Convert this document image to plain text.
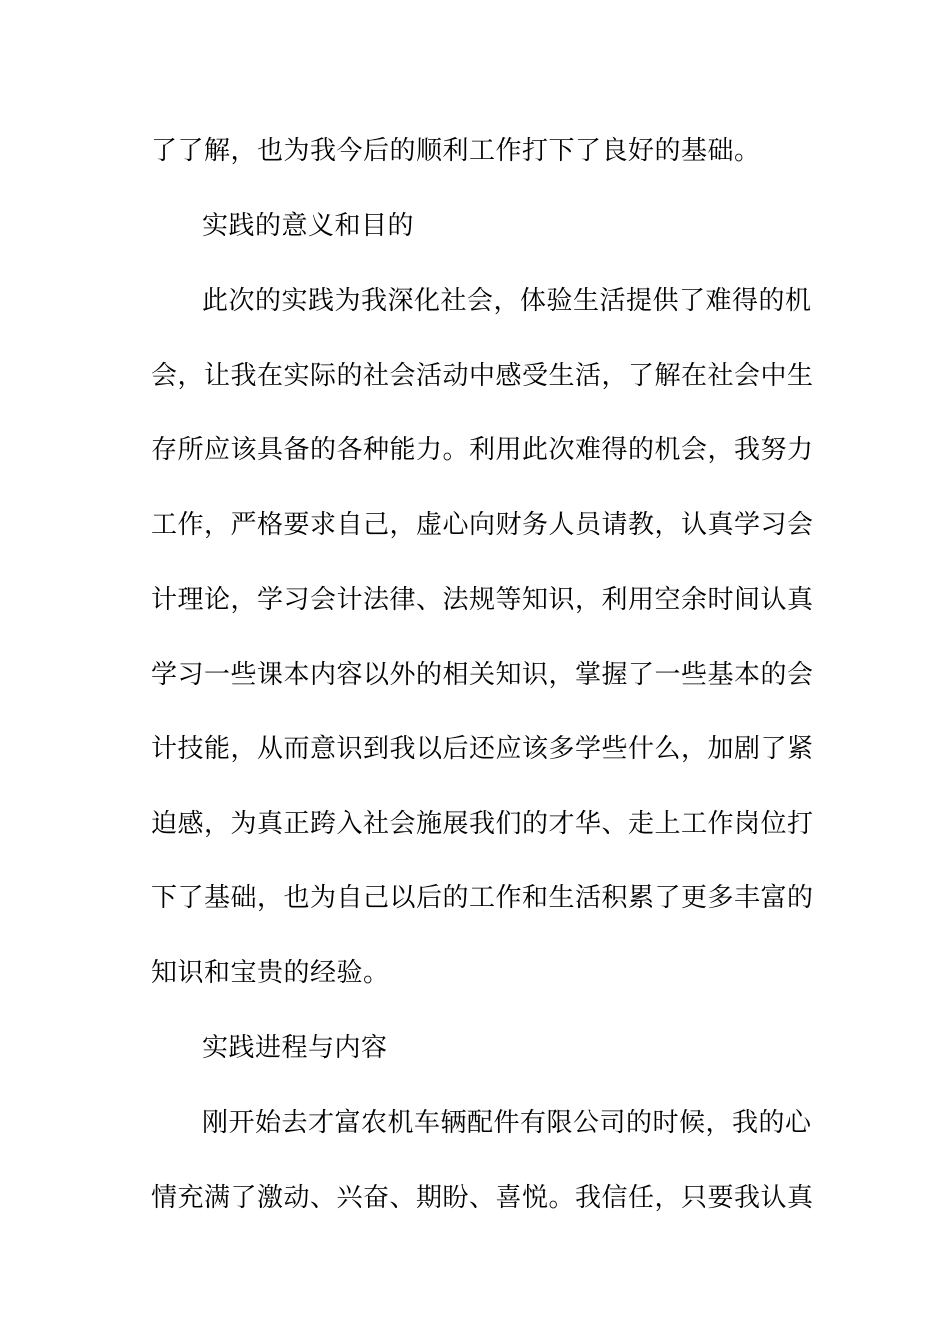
了了解，也为我今后的顺利工作打下了良好的基础。
实践的意义和目的
此次的实践为我深化社会，体验生活提供了难得的机
会，让我在实际的社会活动中感受生活，了解在社会中生
存所应该具备的各种能力。利用此次难得的机会，我努力
工作，严格要求自己，虚心向财务人员请教，认真学习会
计理论，学习会计法律、法规等知识，利用空余时间认真
学习一些课本内容以外的相关知识，掌握了一些基本的会
计技能，从而意识到我以后还应该多学些什么，加剧了紧
迫感，为真正跨入社会施展我们的才华、走上工作岗位打
下了基础，也为自己以后的工作和生活积累了更多丰富的
知识和宝贵的经验。
实践进程与内容
刚开始去才富农机车辆配件有限公司的时候，我的心
情充满了激动、兴奋、期盼、喜悦。我信任，只要我认真
